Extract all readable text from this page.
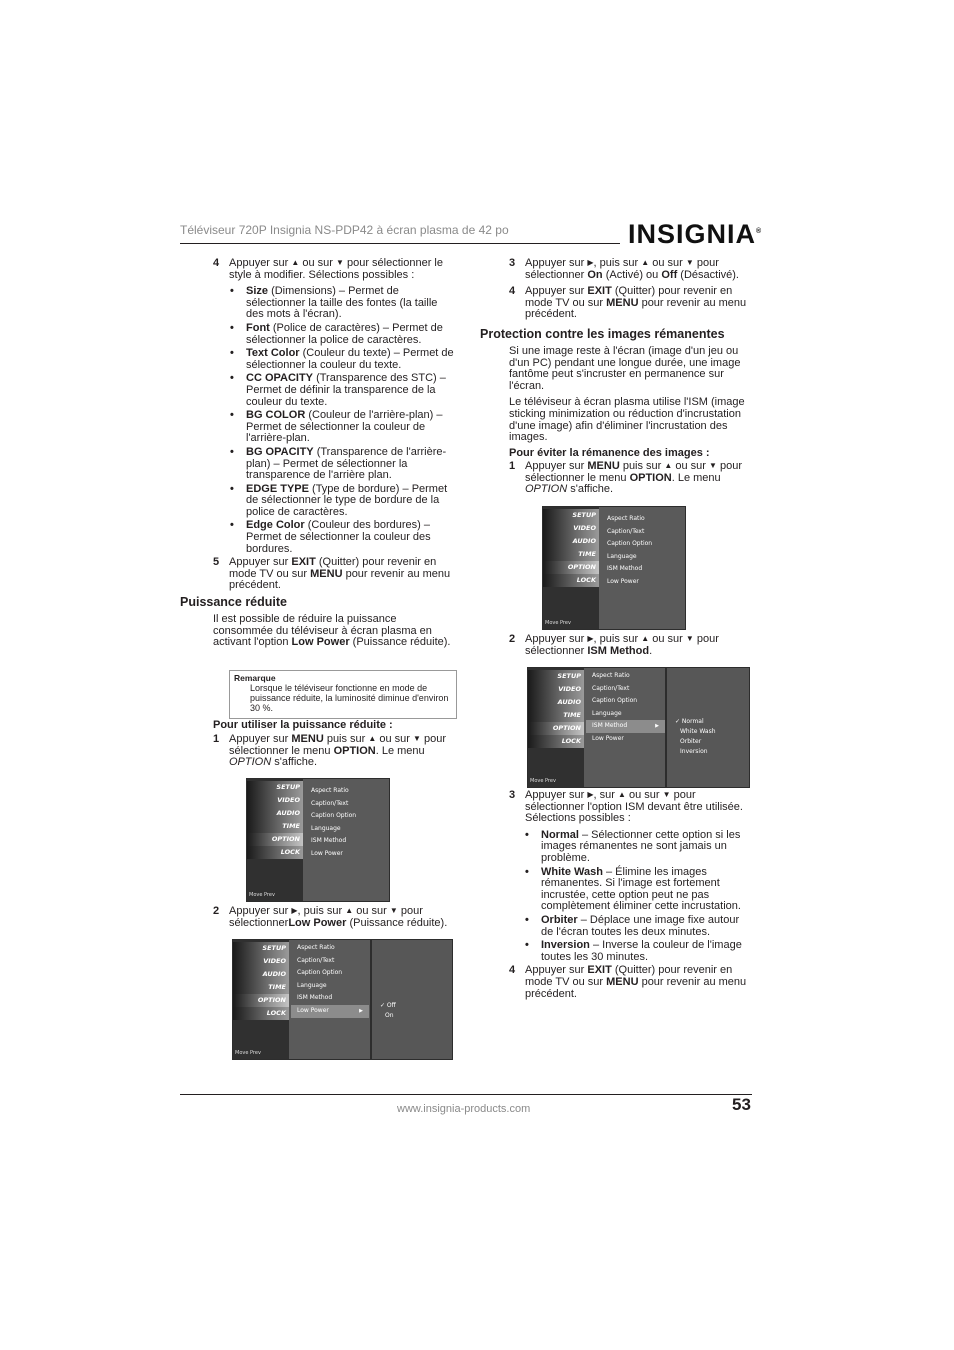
Téléviseur 720P Insignia NS-PDP42 à écran plasma de 42 po	INSIGNIA®
4 Appuyer sur ▲ ou sur ▼ pour sélectionner le style à modifier. Sélections possibles :
• Size (Dimensions) – Permet de sélectionner la taille des fontes (la taille des mots à l'écran).
• Font (Police de caractères) – Permet de sélectionner la police de caractères.
• Text Color (Couleur du texte) – Permet de sélectionner la couleur du texte.
• CC OPACITY (Transparence des STC) – Permet de définir la transparence de la couleur du texte.
• BG COLOR (Couleur de l'arrière-plan) – Permet de sélectionner la couleur de l'arrière-plan.
• BG OPACITY (Transparence de l'arrière-plan) – Permet de sélectionner la transparence de l'arrière plan.
• EDGE TYPE (Type de bordure) – Permet de sélectionner le type de bordure de la police de caractères.
• Edge Color (Couleur des bordures) – Permet de sélectionner la couleur des bordures.
5 Appuyer sur EXIT (Quitter) pour revenir en mode TV ou sur MENU pour revenir au menu précédent.
Puissance réduite
Il est possible de réduire la puissance consommée du téléviseur à écran plasma en activant l'option Low Power (Puissance réduite).
Remarque
Lorsque le téléviseur fonctionne en mode de puissance réduite, la luminosité diminue d'environ 30 %.
Pour utiliser la puissance réduite :
1 Appuyer sur MENU puis sur ▲ ou sur ▼ pour sélectionner le menu OPTION. Le menu OPTION s'affiche.
SETUP
VIDEO
AUDIO
TIME
OPTION
LOCK
Move Prev
Aspect Ratio
Caption/Text
Caption Option
Language
ISM Method
Low Power
2 Appuyer sur ▶, puis sur ▲ ou sur ▼ pour sélectionnerLow Power (Puissance réduite).
SETUP
VIDEO
AUDIO
TIME
OPTION
LOCK
Move Prev
Aspect Ratio
Caption/Text
Caption Option
Language
ISM Method
Low Power ▶
✓ Off
On
3 Appuyer sur ▶, puis sur ▲ ou sur ▼ pour sélectionner On (Activé) ou Off (Désactivé).
4 Appuyer sur EXIT (Quitter) pour revenir en mode TV ou sur MENU pour revenir au menu précédent.
Protection contre les images rémanentes

Si une image reste à l'écran (image d'un jeu ou d'un PC) pendant une longue durée, une image fantôme peut s'incruster en permanence sur l'écran.

Le téléviseur à écran plasma utilise l'ISM (image sticking minimization ou réduction d'incrustation d'une image) afin d'éliminer l'incrustation des images.

Pour éviter la rémanence des images :
1 Appuyer sur MENU puis sur ▲ ou sur ▼ pour sélectionner le menu OPTION. Le menu OPTION s'affiche.
SETUP
VIDEO
AUDIO
TIME
OPTION
LOCK
Move Prev
Aspect Ratio
Caption/Text
Caption Option
Language
ISM Method
Low Power
2 Appuyer sur ▶, puis sur ▲ ou sur ▼ pour sélectionner ISM Method.
SETUP
VIDEO
AUDIO
TIME
OPTION
LOCK
Move Prev
Aspect Ratio
Caption/Text
Caption Option
Language
ISM Method ▶
Low Power
✓ Normal
White Wash
Orbiter
Inversion
3 Appuyer sur ▶, sur ▲ ou sur ▼ pour sélectionner l'option ISM devant être utilisée. Sélections possibles :
• Normal – Sélectionner cette option si les images rémanentes ne sont jamais un problème.
• White Wash – Élimine les images rémanentes. Si l'image est fortement incrustée, cette option peut ne pas complètement éliminer cette incrustation.
• Orbiter – Déplace une image fixe autour de l'écran toutes les deux minutes.
• Inversion – Inverse la couleur de l'image toutes les 30 minutes.
4 Appuyer sur EXIT (Quitter) pour revenir en mode TV ou sur MENU pour revenir au menu précédent.
www.insignia-products.com	53
